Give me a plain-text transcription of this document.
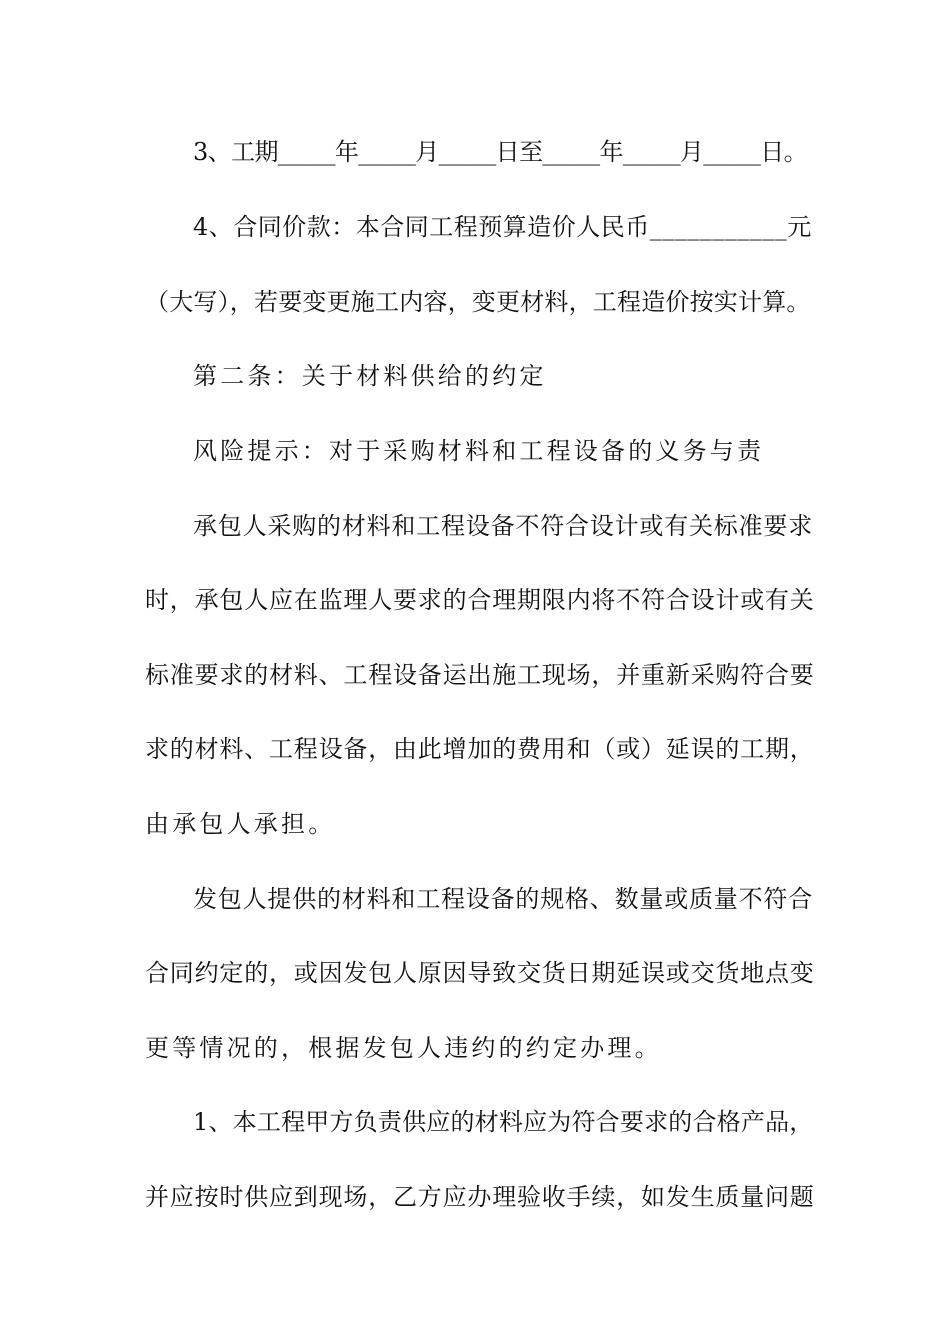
3、工期_____年_____月_____日至_____年_____月_____日。
4、合同价款：本合同工程预算造价人民币___________元
（大写），若要变更施工内容，变更材料，工程造价按实计算。
第二条：关于材料供给的约定
风险提示：对于采购材料和工程设备的义务与责
承包人采购的材料和工程设备不符合设计或有关标准要求
时，承包人应在监理人要求的合理期限内将不符合设计或有关
标准要求的材料、工程设备运出施工现场，并重新采购符合要
求的材料、工程设备，由此增加的费用和（或）延误的工期，
由承包人承担。
发包人提供的材料和工程设备的规格、数量或质量不符合
合同约定的，或因发包人原因导致交货日期延误或交货地点变
更等情况的，根据发包人违约的约定办理。
1、本工程甲方负责供应的材料应为符合要求的合格产品，
并应按时供应到现场，乙方应办理验收手续，如发生质量问题
